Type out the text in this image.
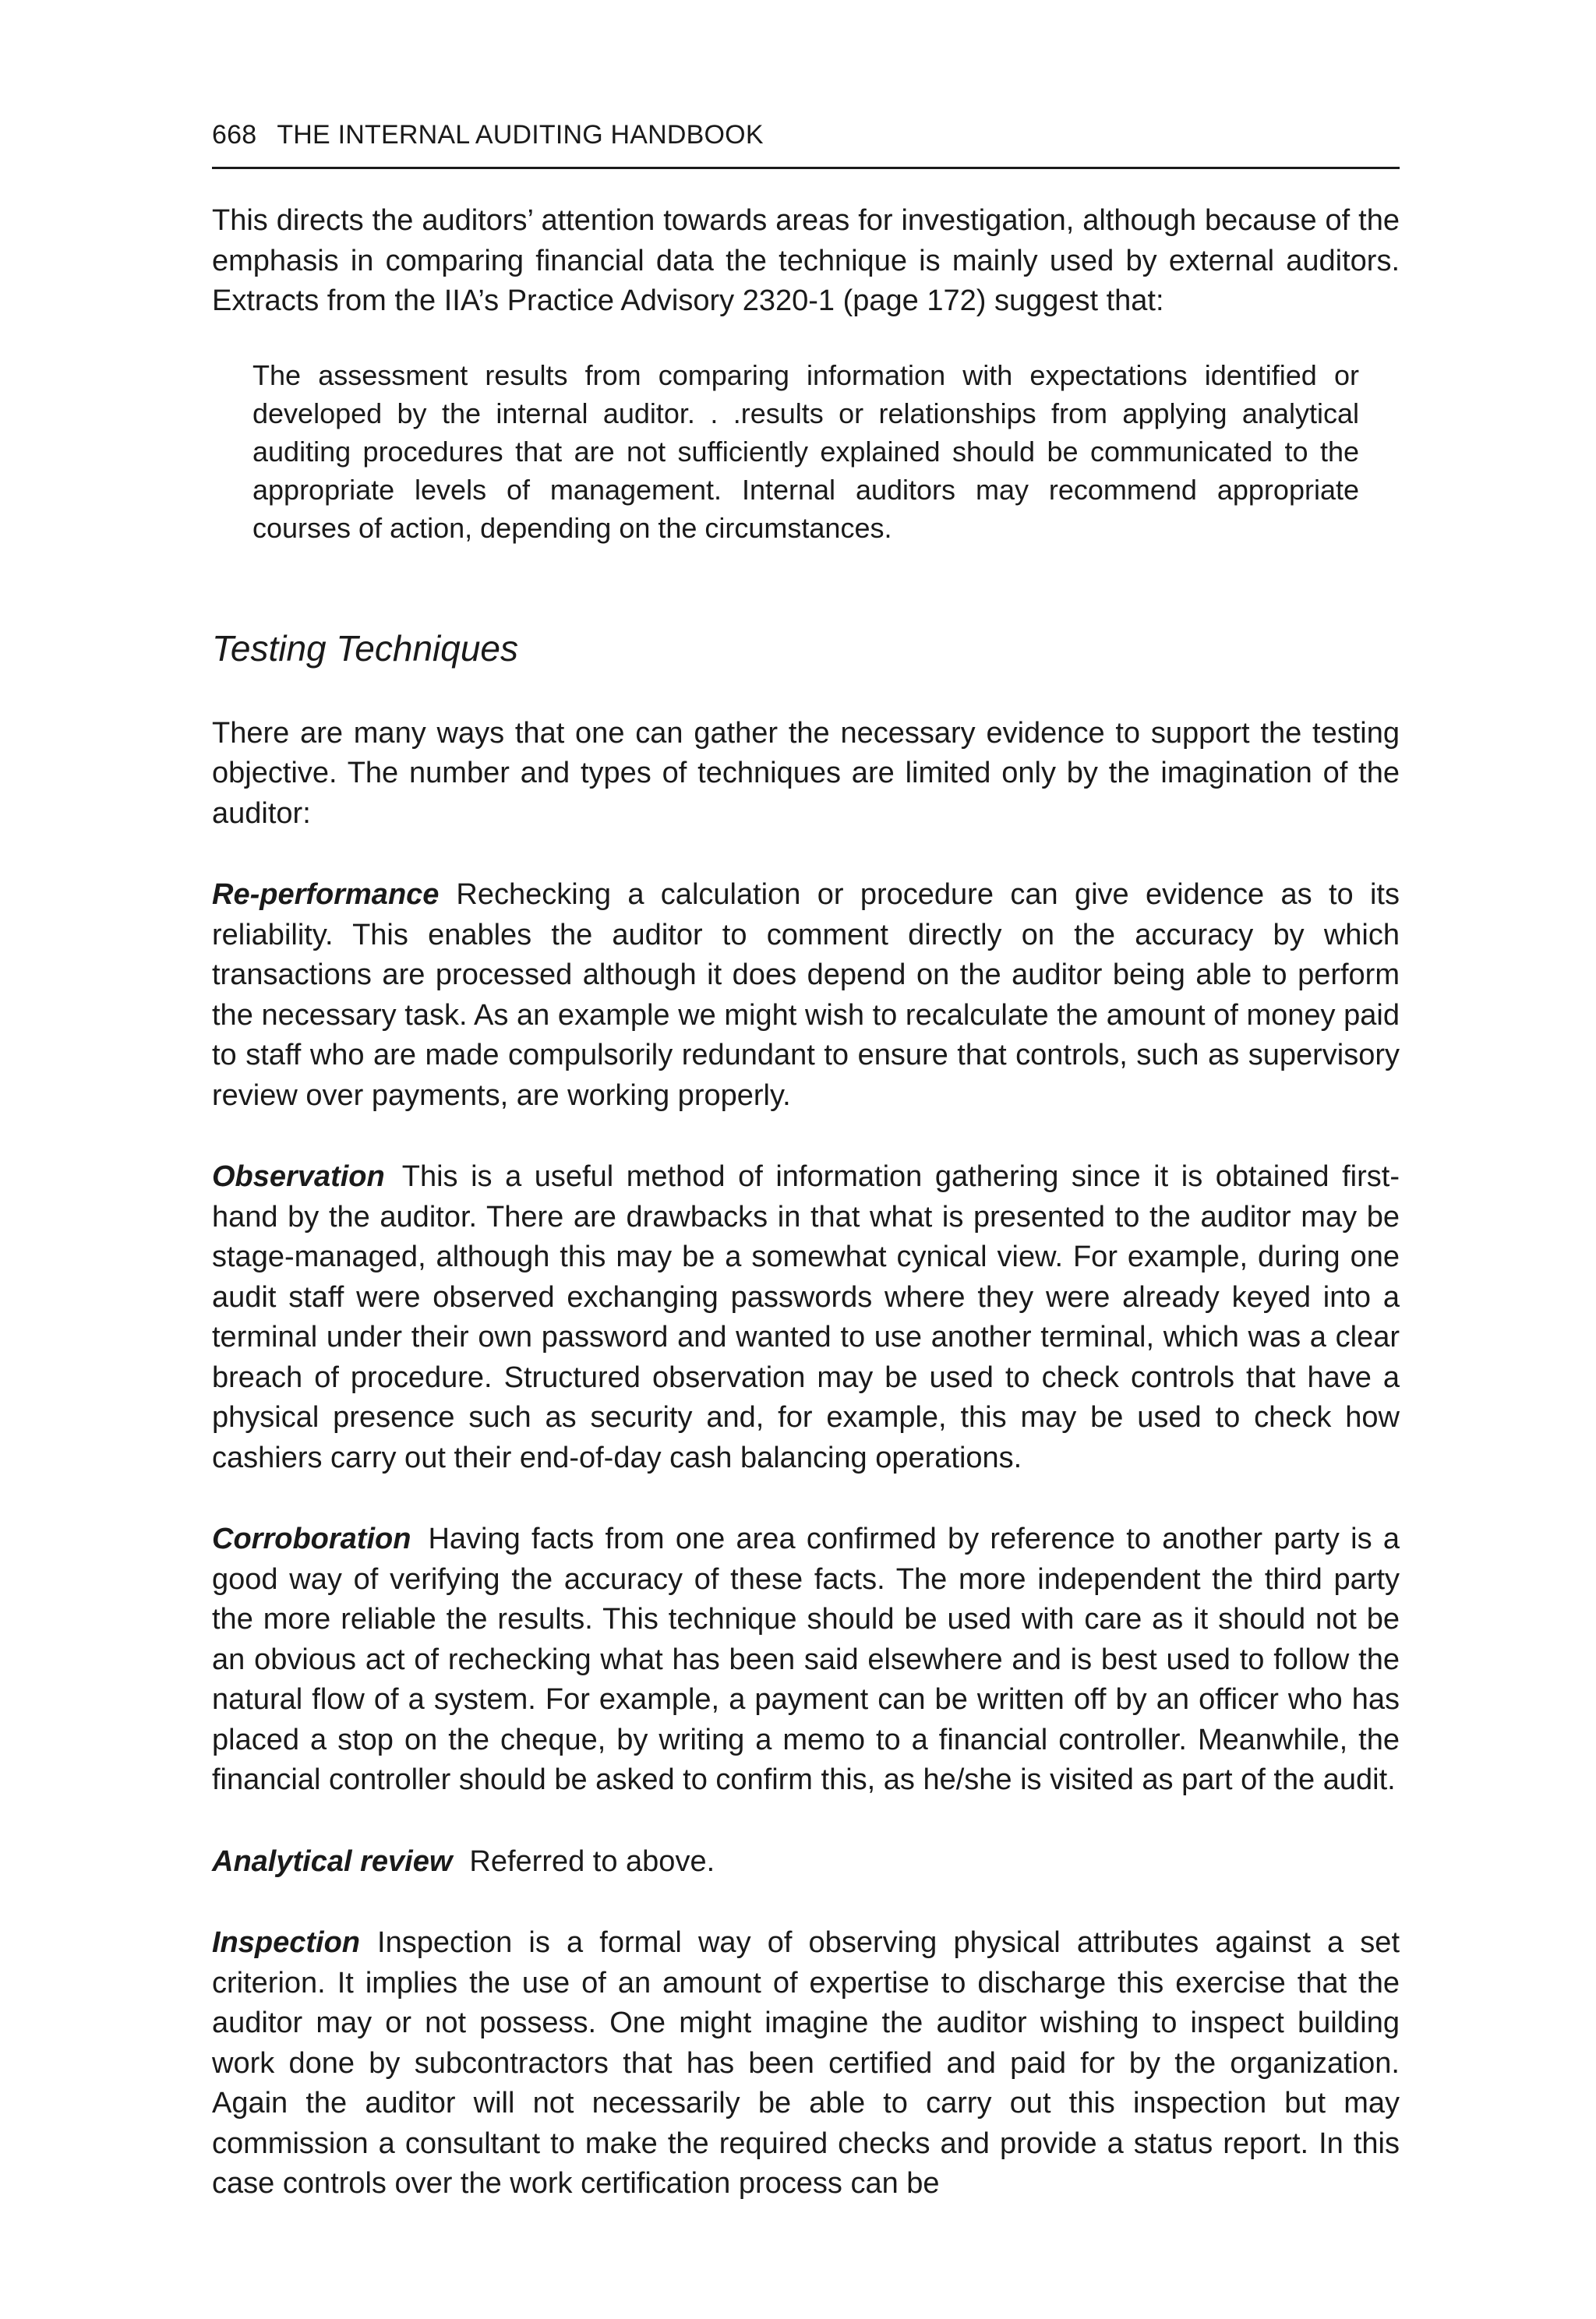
668 THE INTERNAL AUDITING HANDBOOK

This directs the auditors’ attention towards areas for investigation, although because of the emphasis in comparing financial data the technique is mainly used by external auditors. Extracts from the IIA’s Practice Advisory 2320-1 (page 172) suggest that:

The assessment results from comparing information with expectations identified or developed by the internal auditor. . .results or relationships from applying analytical auditing procedures that are not sufficiently explained should be communicated to the appropriate levels of management. Internal auditors may recommend appropriate courses of action, depending on the circumstances.

Testing Techniques

There are many ways that one can gather the necessary evidence to support the testing objective. The number and types of techniques are limited only by the imagination of the auditor:

Re-performance Rechecking a calculation or procedure can give evidence as to its reliability. This enables the auditor to comment directly on the accuracy by which transactions are processed although it does depend on the auditor being able to perform the necessary task. As an example we might wish to recalculate the amount of money paid to staff who are made compulsorily redundant to ensure that controls, such as supervisory review over payments, are working properly.

Observation This is a useful method of information gathering since it is obtained first-hand by the auditor. There are drawbacks in that what is presented to the auditor may be stage-managed, although this may be a somewhat cynical view. For example, during one audit staff were observed exchanging passwords where they were already keyed into a terminal under their own password and wanted to use another terminal, which was a clear breach of procedure. Structured observation may be used to check controls that have a physical presence such as security and, for example, this may be used to check how cashiers carry out their end-of-day cash balancing operations.

Corroboration Having facts from one area confirmed by reference to another party is a good way of verifying the accuracy of these facts. The more independent the third party the more reliable the results. This technique should be used with care as it should not be an obvious act of rechecking what has been said elsewhere and is best used to follow the natural flow of a system. For example, a payment can be written off by an officer who has placed a stop on the cheque, by writing a memo to a financial controller. Meanwhile, the financial controller should be asked to confirm this, as he/she is visited as part of the audit.

Analytical review Referred to above.

Inspection Inspection is a formal way of observing physical attributes against a set criterion. It implies the use of an amount of expertise to discharge this exercise that the auditor may or not possess. One might imagine the auditor wishing to inspect building work done by subcontractors that has been certified and paid for by the organization. Again the auditor will not necessarily be able to carry out this inspection but may commission a consultant to make the required checks and provide a status report. In this case controls over the work certification process can be
